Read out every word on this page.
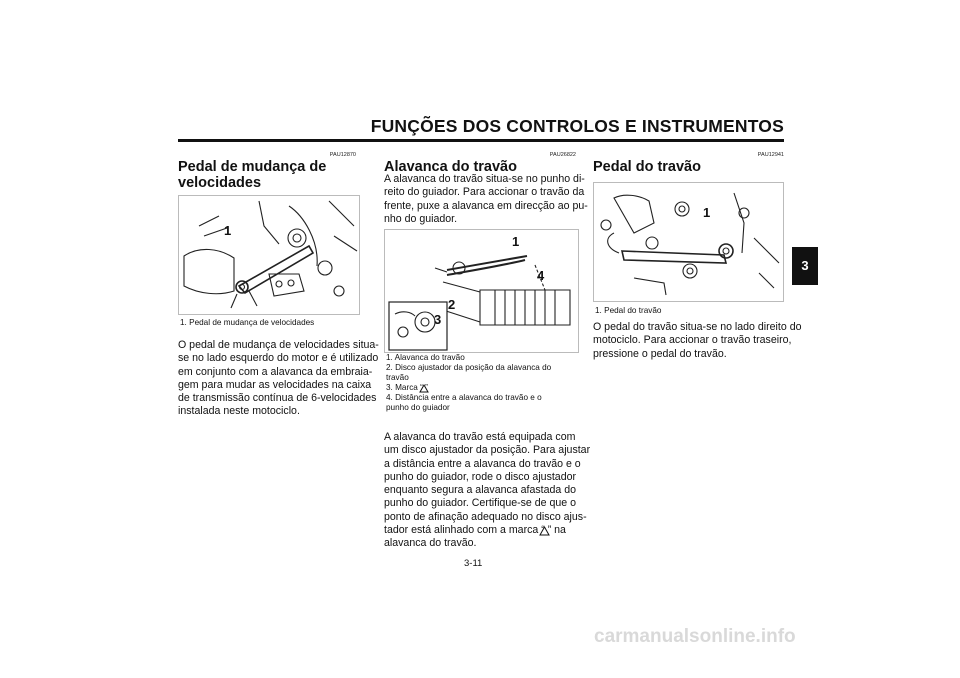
FUNÇÕES DOS CONTROLOS E INSTRUMENTOS
3
PAU12870
Pedal de mudança de
velocidades
1
1. Pedal de mudança de velocidades
O pedal de mudança de velocidades situa-
se no lado esquerdo do motor e é utilizado
em conjunto com a alavanca da embraia-
gem para mudar as velocidades na caixa
de transmissão contínua de 6-velocidades
instalada neste motociclo.
PAU26822
Alavanca do travão
A alavanca do travão situa-se no punho di-
reito do guiador. Para accionar o travão da
frente, puxe a alavanca em direcção ao pu-
nho do guiador.
1
2
3
4
1. Alavanca do travão
2. Disco ajustador da posição da alavanca do
travão
3. Marca “ ”
4. Distância entre a alavanca do travão e o
punho do guiador
A alavanca do travão está equipada com
um disco ajustador da posição. Para ajustar
a distância entre a alavanca do travão e o
punho do guiador, rode o disco ajustador
enquanto segura a alavanca afastada do
punho do guiador. Certifique-se de que o
ponto de afinação adequado no disco ajus-
tador está alinhado com a marca “ ” na
alavanca do travão.
PAU12941
Pedal do travão
1
1. Pedal do travão
O pedal do travão situa-se no lado direito do
motociclo. Para accionar o travão traseiro,
pressione o pedal do travão.
3-11
carmanualsonline.info
